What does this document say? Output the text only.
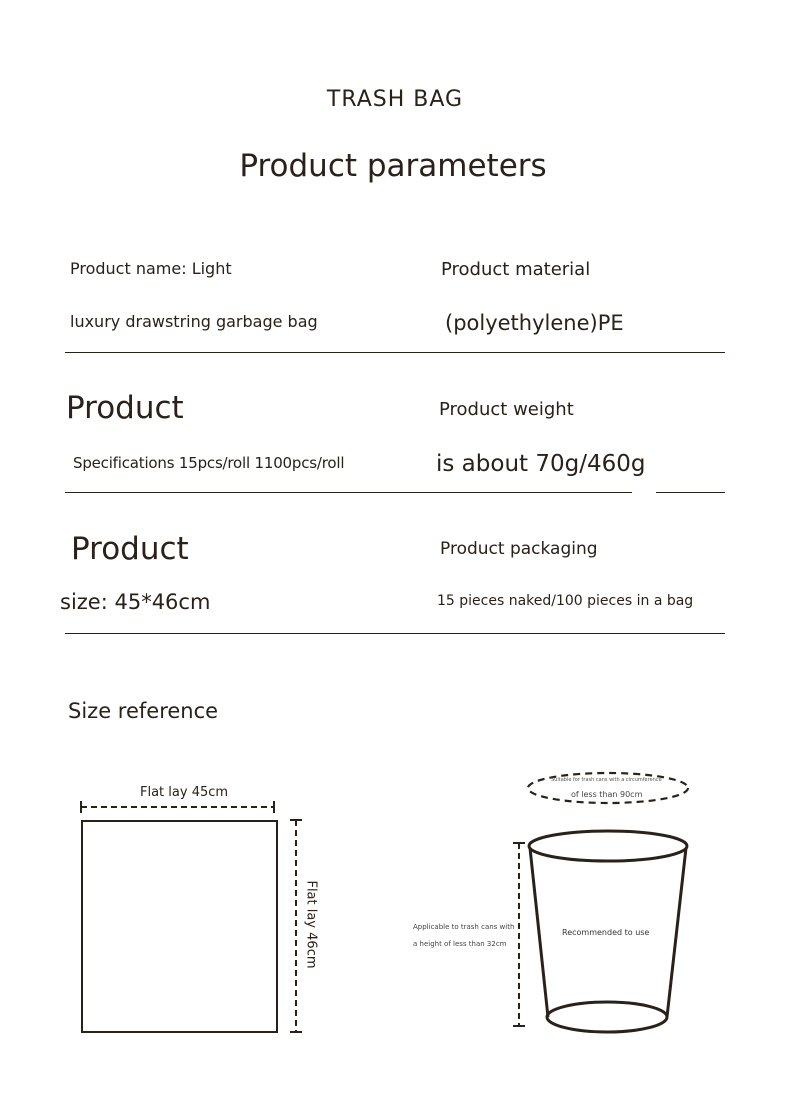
TRASH BAG
Product parameters
Product name: Light
luxury drawstring garbage bag
Product material
(polyethylene)PE
Product
Specifications 15pcs/roll 1100pcs/roll
Product weight
is about 70g/460g
Product
size: 45*46cm
Product packaging
15 pieces naked/100 pieces in a bag
Size reference
Flat lay 45cm
Flat lay 46cm
Suitable for trash cans with a circumference
of less than 90cm
Applicable to trash cans with
a height of less than 32cm
Recommended to use
